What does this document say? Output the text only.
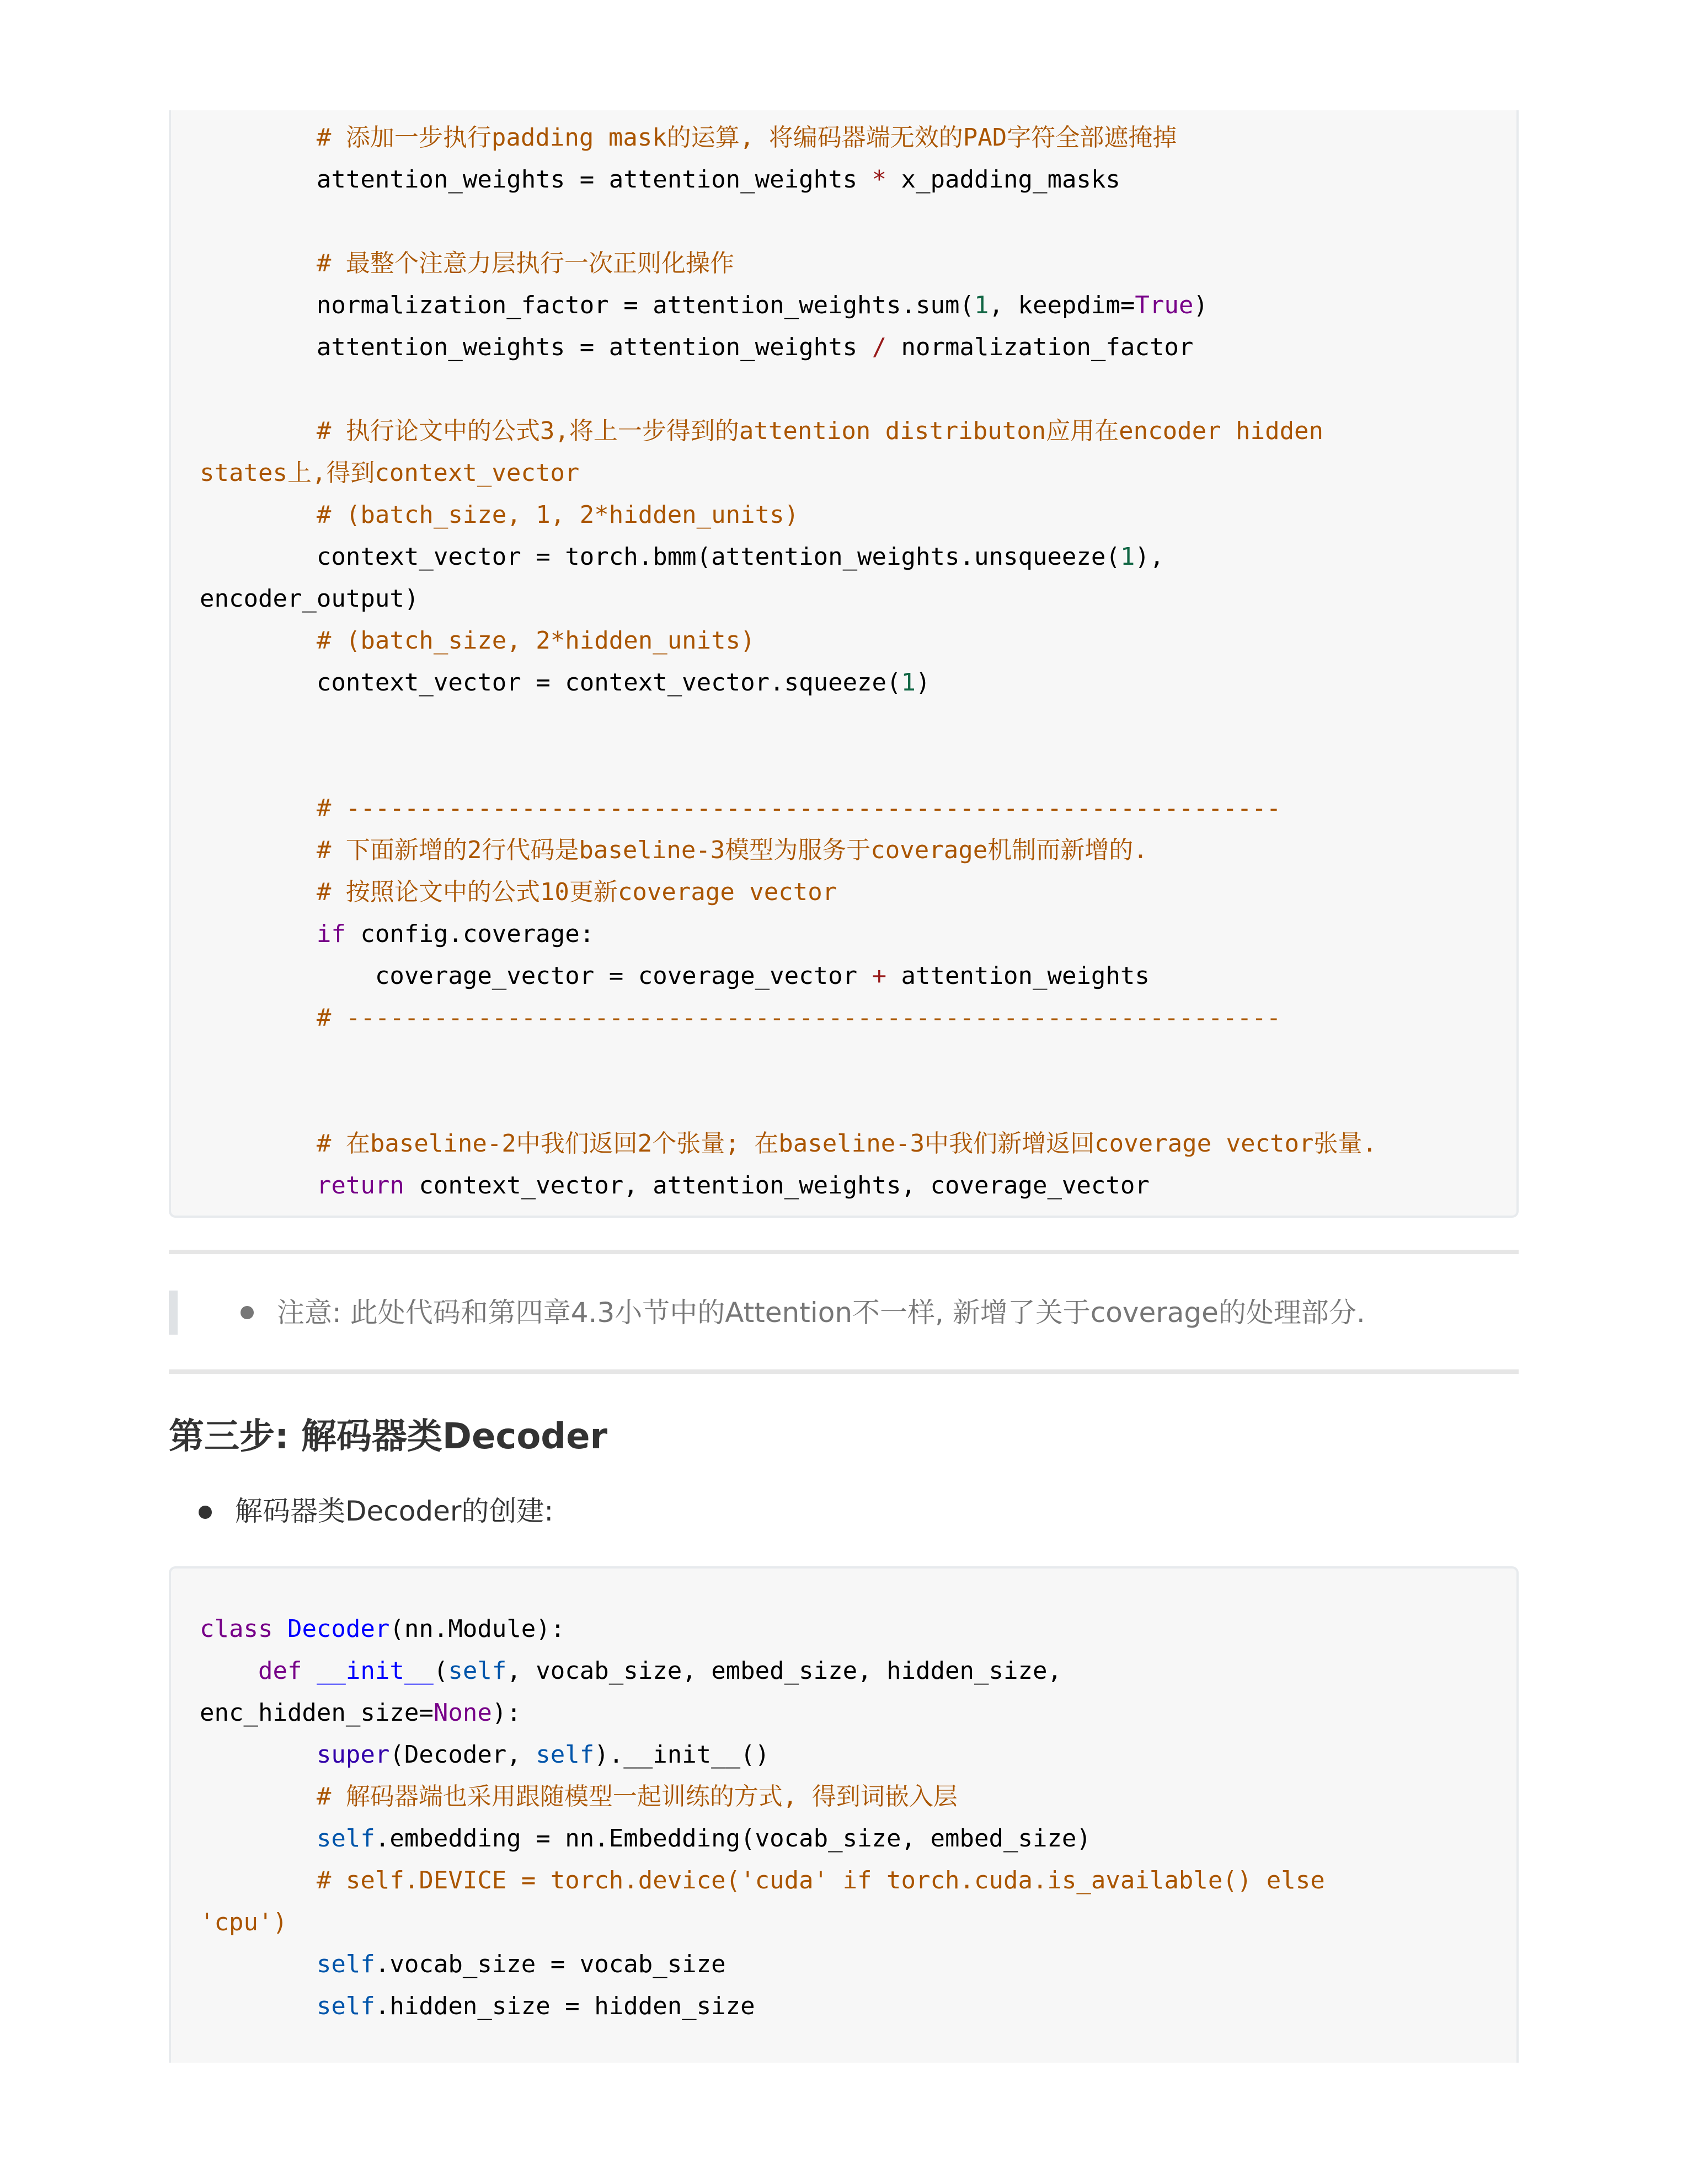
# 添加一步执行padding mask的运算, 将编码器端无效的PAD字符全部遮掩掉
attention_weights = attention_weights * x_padding_masks
# 最整个注意力层执行一次正则化操作
normalization_factor = attention_weights.sum(1, keepdim=True)
attention_weights = attention_weights / normalization_factor
# 执行论文中的公式3,将上一步得到的attention distributon应用在encoder hidden
states上,得到context_vector
# (batch_size, 1, 2*hidden_units)
context_vector = torch.bmm(attention_weights.unsqueeze(1),
encoder_output)
# (batch_size, 2*hidden_units)
context_vector = context_vector.squeeze(1)
# ----------------------------------------------------------------
# 下面新增的2行代码是baseline-3模型为服务于coverage机制而新增的.
# 按照论文中的公式10更新coverage vector
if config.coverage:
coverage_vector = coverage_vector + attention_weights
# ----------------------------------------------------------------
# 在baseline-2中我们返回2个张量; 在baseline-3中我们新增返回coverage vector张量.
return context_vector, attention_weights, coverage_vector
注意: 此处代码和第四章4.3小节中的Attention不一样, 新增了关于coverage的处理部分.
第三步: 解码器类Decoder
解码器类Decoder的创建:
class Decoder(nn.Module):
def __init__(self, vocab_size, embed_size, hidden_size,
enc_hidden_size=None):
super(Decoder, self).__init__()
# 解码器端也采用跟随模型一起训练的方式, 得到词嵌入层
self.embedding = nn.Embedding(vocab_size, embed_size)
# self.DEVICE = torch.device('cuda' if torch.cuda.is_available() else
'cpu')
self.vocab_size = vocab_size
self.hidden_size = hidden_size
